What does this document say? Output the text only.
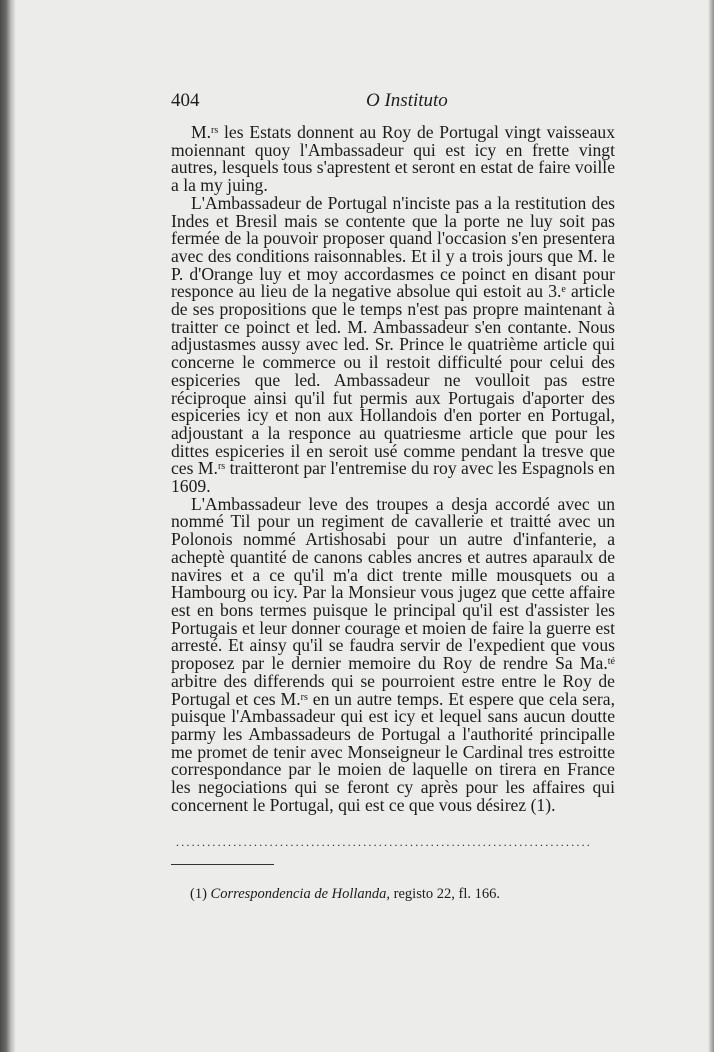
404	O Instituto

M.$^{rs}$ les Estats donnent au Roy de Portugal vingt vaisseaux moiennant quoy l'Ambassadeur qui est icy en frette vingt autres, lesquels tous s'aprestent et seront en estat de faire voille a la my juing.

L'Ambassadeur de Portugal n'inciste pas a la restitution des Indes et Bresil mais se contente que la porte ne luy soit pas fermée de la pouvoir proposer quand l'occasion s'en presentera avec des conditions raisonnables. Et il y a trois jours que M. le P. d'Orange luy et moy accordasmes ce poinct en disant pour responce au lieu de la negative absolue qui estoit au 3.$^e$ article de ses propositions que le temps n'est pas propre maintenant à traitter ce poinct et led. M. Ambassadeur s'en contante. Nous adjustasmes aussy avec led. Sr. Prince le quatrième article qui concerne le commerce ou il restoit difficulté pour celui des espiceries que led. Ambassadeur ne voulloit pas estre réciproque ainsi qu'il fut permis aux Portugais d'aporter des espiceries icy et non aux Hollandois d'en porter en Portugal, adjoustant a la responce au quatriesme article que pour les dittes espiceries il en seroit usé comme pendant la tresve que ces M.$^{rs}$ traitteront par l'entremise du roy avec les Espagnols en 1609.

L'Ambassadeur leve des troupes a desja accordé avec un nommé Til pour un regiment de cavallerie et traitté avec un Polonois nommé Artishosabi pour un autre d'infanterie, a acheptè quantité de canons cables ancres et autres aparaulx de navires et a ce qu'il m'a dict trente mille mousquets ou a Hambourg ou icy. Par la Monsieur vous jugez que cette affaire est en bons termes puisque le principal qu'il est d'assister les Portugais et leur donner courage et moien de faire la guerre est arresté. Et ainsy qu'il se faudra servir de l'expedient que vous proposez par le dernier memoire du Roy de rendre Sa Ma.$^{té}$ arbitre des differends qui se pourroient estre entre le Roy de Portugal et ces M.$^{rs}$ en un autre temps. Et espere que cela sera, puisque l'Ambassadeur qui est icy et lequel sans aucun doutte parmy les Ambassadeurs de Portugal a l'authorité principalle me promet de tenir avec Monseigneur le Cardinal tres estroitte correspondance par le moien de laquelle on tirera en France les negociations qui se feront cy après pour les affaires qui concernent le Portugal, qui est ce que vous désirez (1).

................................................................................
(1) Correspondencia de Hollanda, registo 22, fl. 166.
